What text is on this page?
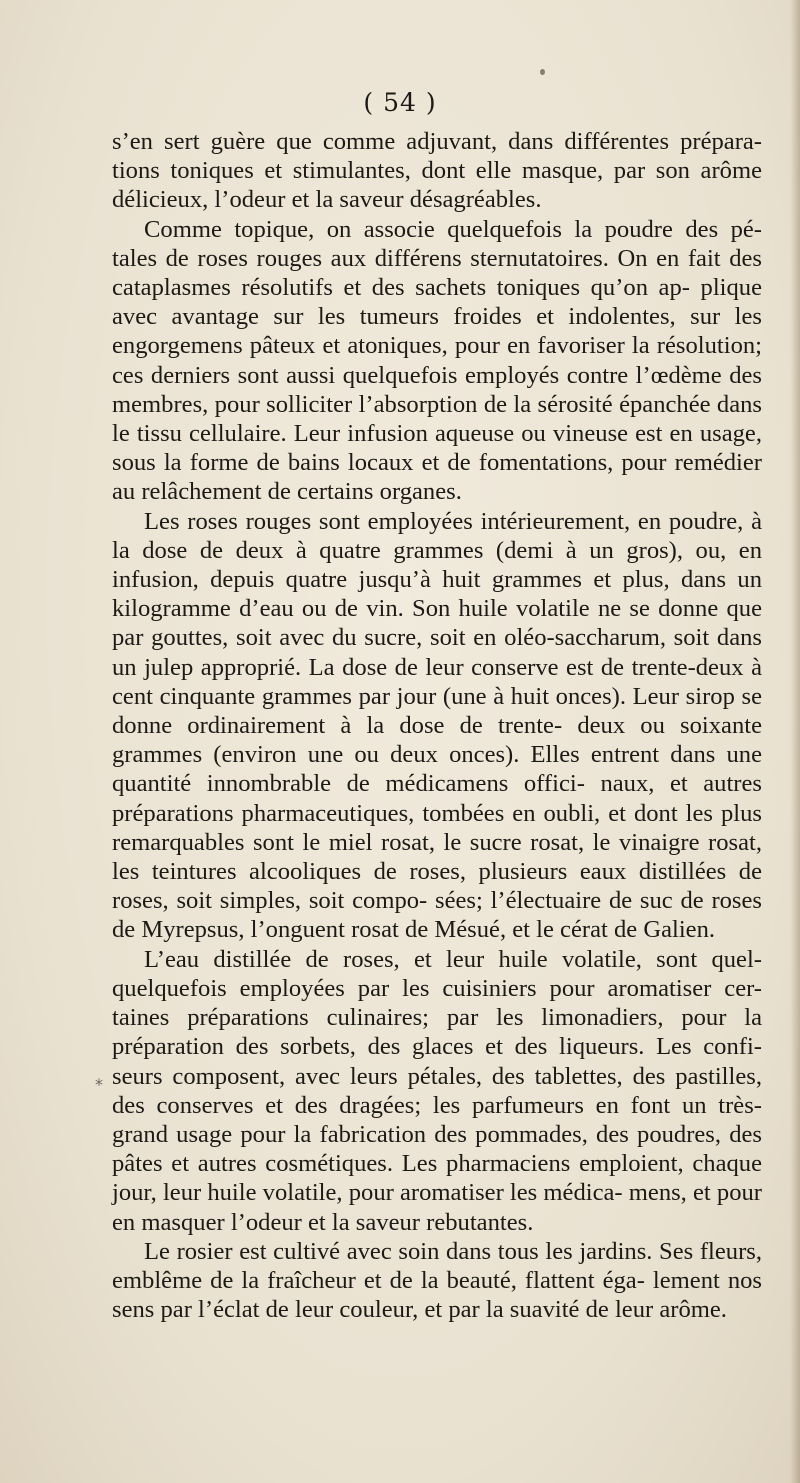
( 54 )
*

s’en sert guère que comme adjuvant, dans différentes prépara- tions toniques et stimulantes, dont elle masque, par son arôme délicieux, l’odeur et la saveur désagréables.

Comme topique, on associe quelquefois la poudre des pé- tales de roses rouges aux différens sternutatoires. On en fait des cataplasmes résolutifs et des sachets toniques qu’on ap- plique avec avantage sur les tumeurs froides et indolentes, sur les engorgemens pâteux et atoniques, pour en favoriser la résolution; ces derniers sont aussi quelquefois employés contre l’œdème des membres, pour solliciter l’absorption de la sérosité épanchée dans le tissu cellulaire. Leur infusion aqueuse ou vineuse est en usage, sous la forme de bains locaux et de fomentations, pour remédier au relâchement de certains organes.

Les roses rouges sont employées intérieurement, en poudre, à la dose de deux à quatre grammes (demi à un gros), ou, en infusion, depuis quatre jusqu’à huit grammes et plus, dans un kilogramme d’eau ou de vin. Son huile volatile ne se donne que par gouttes, soit avec du sucre, soit en oléo-saccharum, soit dans un julep approprié. La dose de leur conserve est de trente-deux à cent cinquante grammes par jour (une à huit onces). Leur sirop se donne ordinairement à la dose de trente- deux ou soixante grammes (environ une ou deux onces). Elles entrent dans une quantité innombrable de médicamens offici- naux, et autres préparations pharmaceutiques, tombées en oubli, et dont les plus remarquables sont le miel rosat, le sucre rosat, le vinaigre rosat, les teintures alcooliques de roses, plusieurs eaux distillées de roses, soit simples, soit compo- sées; l’électuaire de suc de roses de Myrepsus, l’onguent rosat de Mésué, et le cérat de Galien.

L’eau distillée de roses, et leur huile volatile, sont quel- quelquefois employées par les cuisiniers pour aromatiser cer- taines préparations culinaires; par les limonadiers, pour la préparation des sorbets, des glaces et des liqueurs. Les confi- seurs composent, avec leurs pétales, des tablettes, des pastilles, des conserves et des dragées; les parfumeurs en font un très- grand usage pour la fabrication des pommades, des poudres, des pâtes et autres cosmétiques. Les pharmaciens emploient, chaque jour, leur huile volatile, pour aromatiser les médica- mens, et pour en masquer l’odeur et la saveur rebutantes.

Le rosier est cultivé avec soin dans tous les jardins. Ses fleurs, emblême de la fraîcheur et de la beauté, flattent éga- lement nos sens par l’éclat de leur couleur, et par la suavité de leur arôme.
